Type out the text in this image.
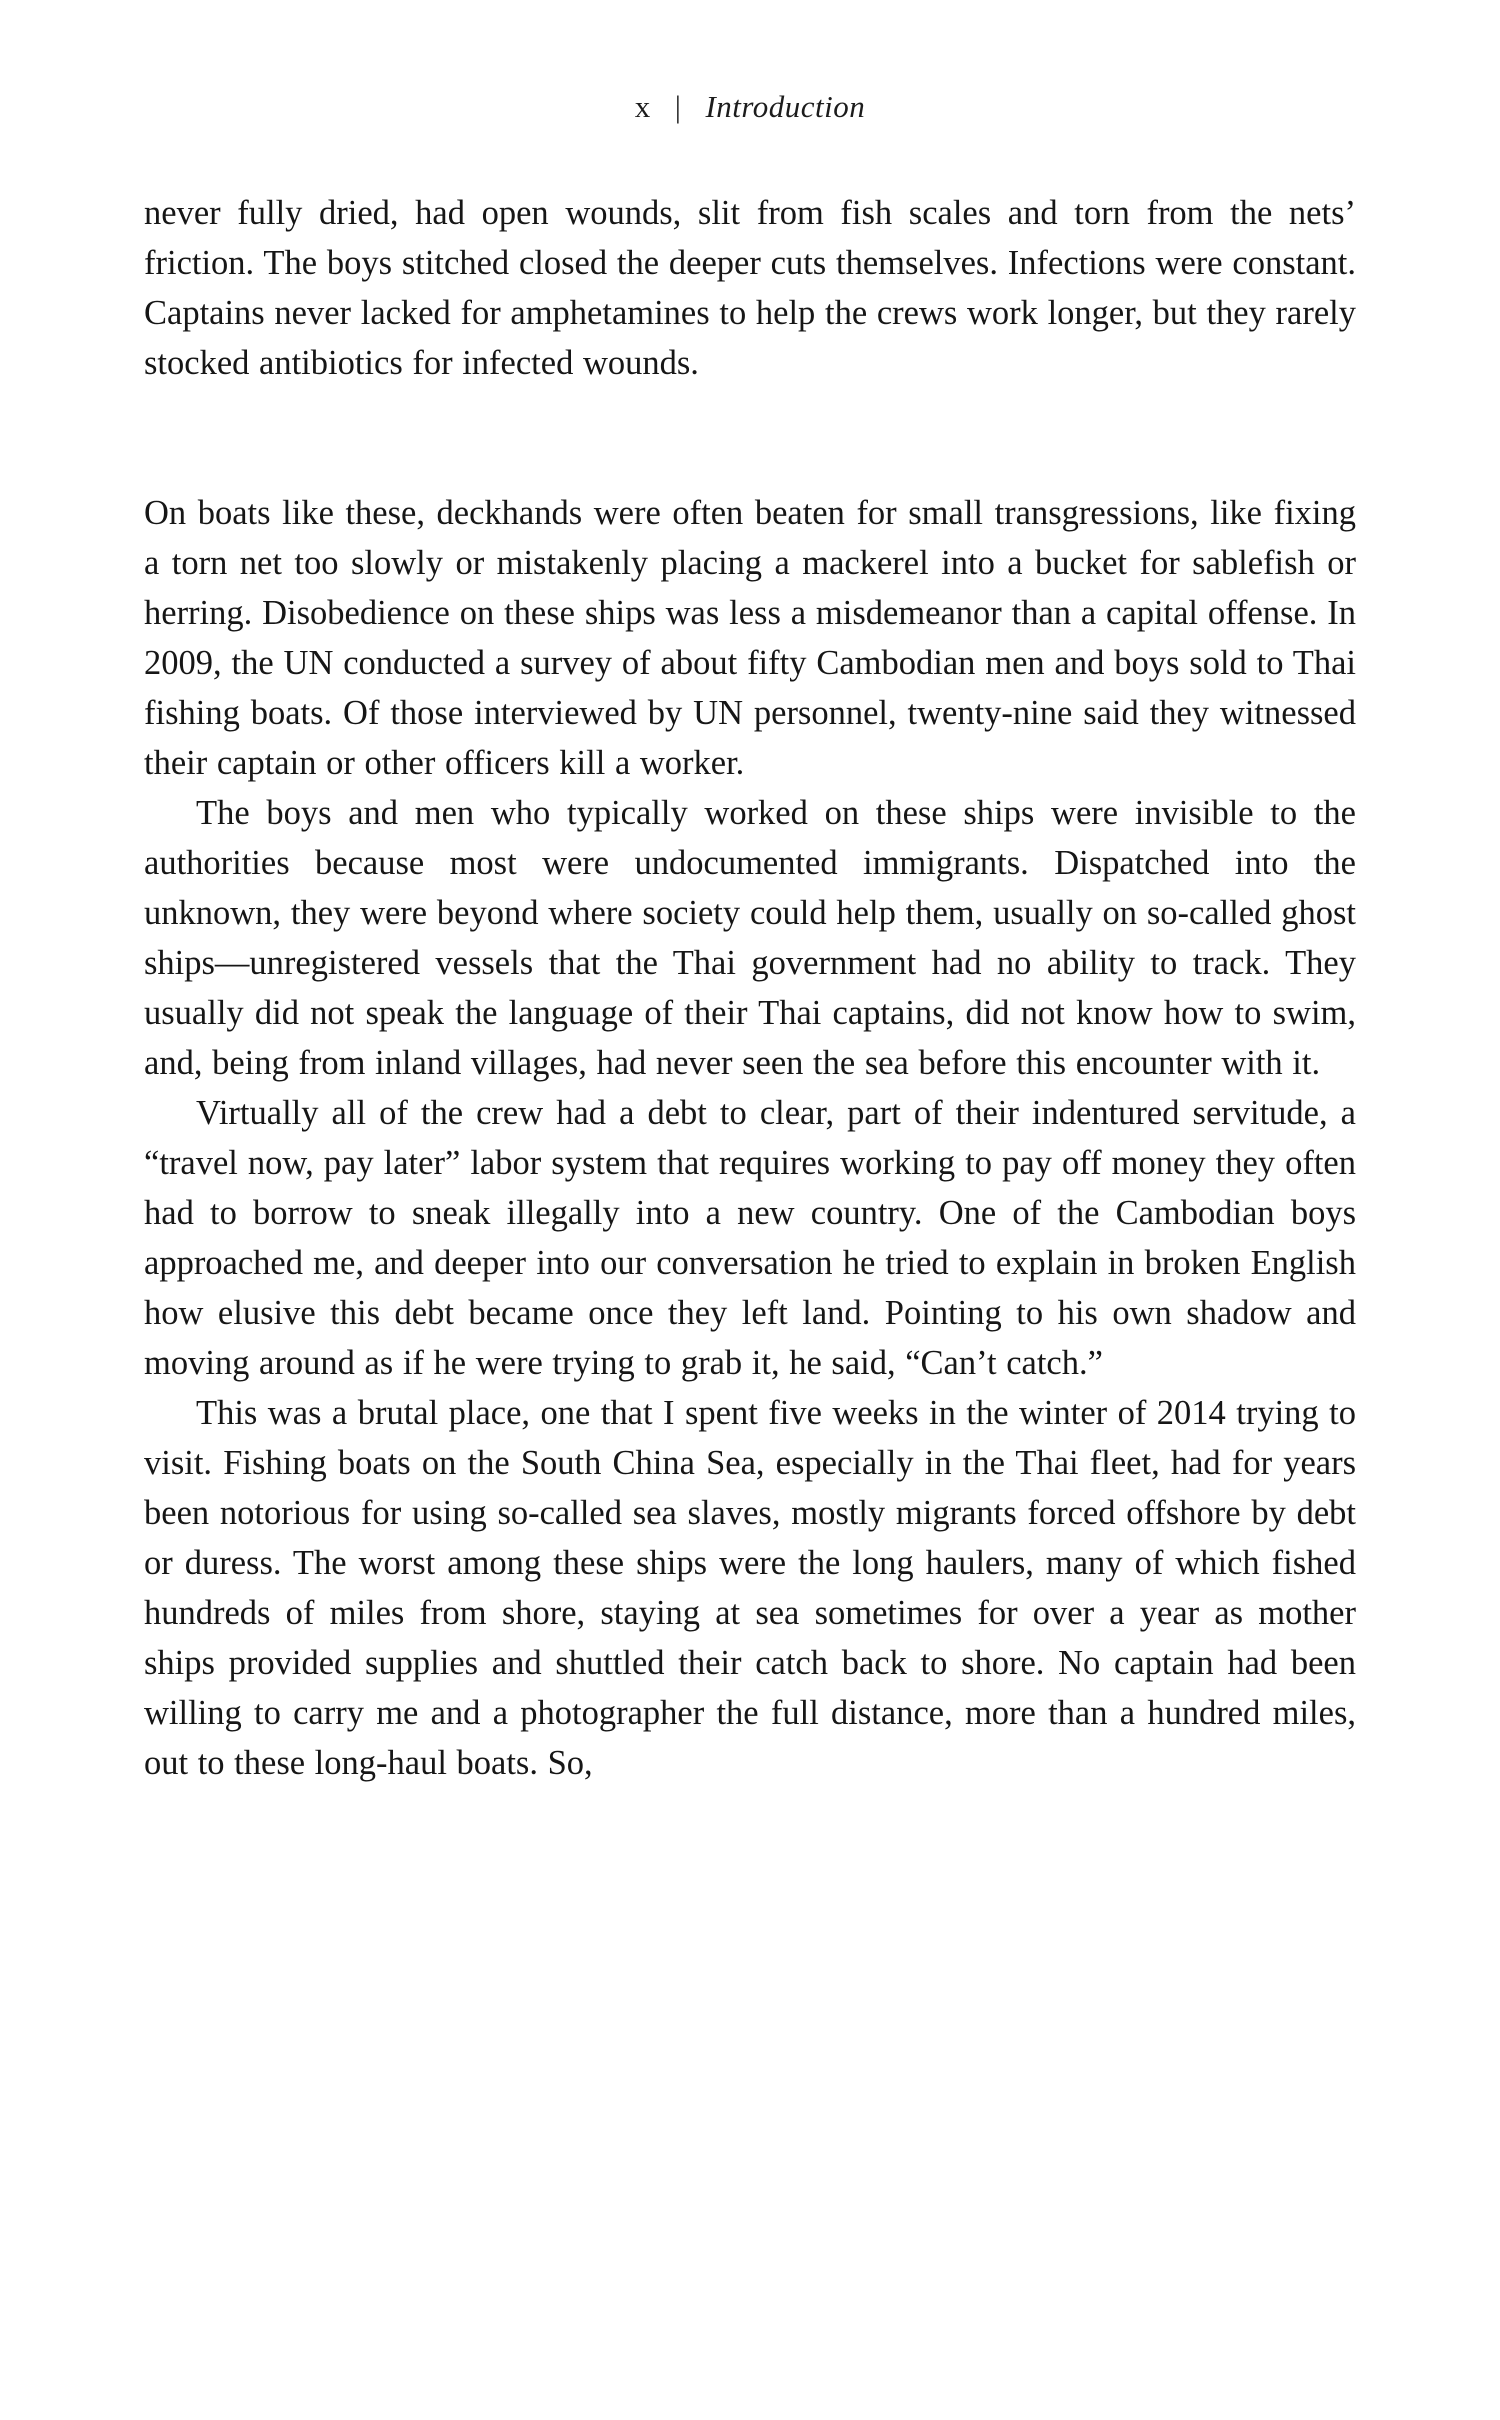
x | Introduction

never fully dried, had open wounds, slit from fish scales and torn from the nets’ friction. The boys stitched closed the deeper cuts themselves. Infections were constant. Captains never lacked for amphetamines to help the crews work longer, but they rarely stocked antibiotics for infected wounds.

On boats like these, deckhands were often beaten for small transgressions, like fixing a torn net too slowly or mistakenly placing a mackerel into a bucket for sablefish or herring. Disobedience on these ships was less a misdemeanor than a capital offense. In 2009, the UN conducted a survey of about fifty Cambodian men and boys sold to Thai fishing boats. Of those interviewed by UN personnel, twenty-nine said they witnessed their captain or other officers kill a worker.

The boys and men who typically worked on these ships were invisible to the authorities because most were undocumented immigrants. Dispatched into the unknown, they were beyond where society could help them, usually on so-called ghost ships—unregistered vessels that the Thai government had no ability to track. They usually did not speak the language of their Thai captains, did not know how to swim, and, being from inland villages, had never seen the sea before this encounter with it.

Virtually all of the crew had a debt to clear, part of their indentured servitude, a “travel now, pay later” labor system that requires working to pay off money they often had to borrow to sneak illegally into a new country. One of the Cambodian boys approached me, and deeper into our conversation he tried to explain in broken English how elusive this debt became once they left land. Pointing to his own shadow and moving around as if he were trying to grab it, he said, “Can’t catch.”

This was a brutal place, one that I spent five weeks in the winter of 2014 trying to visit. Fishing boats on the South China Sea, especially in the Thai fleet, had for years been notorious for using so-called sea slaves, mostly migrants forced offshore by debt or duress. The worst among these ships were the long haulers, many of which fished hundreds of miles from shore, staying at sea sometimes for over a year as mother ships provided supplies and shuttled their catch back to shore. No captain had been willing to carry me and a photographer the full distance, more than a hundred miles, out to these long-haul boats. So,
